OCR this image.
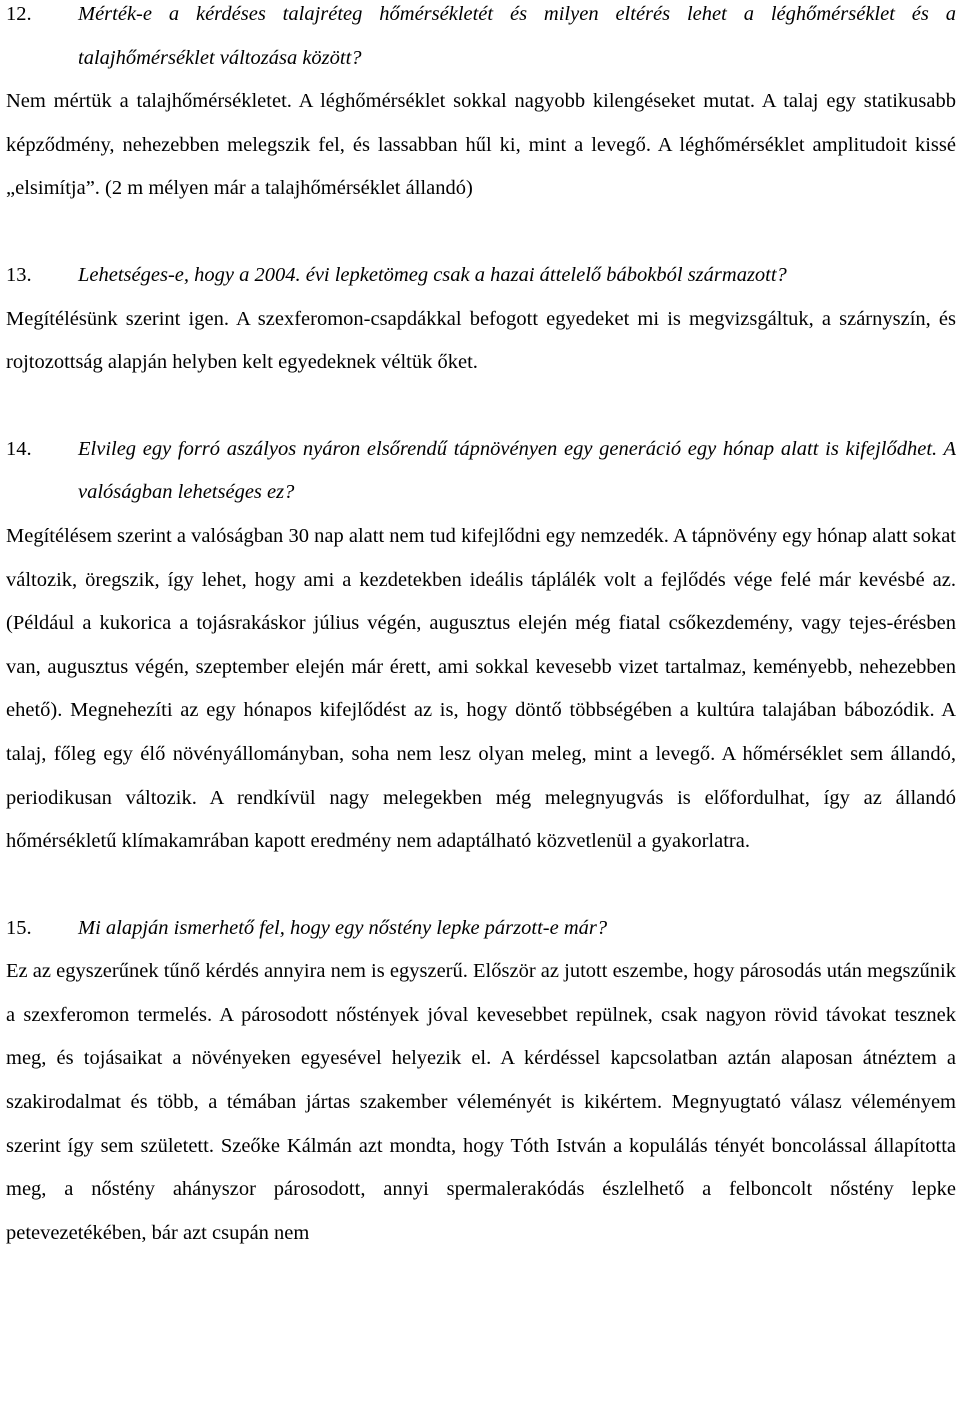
12.	Mérték-e a kérdéses talajréteg hőmérsékletét és milyen eltérés lehet a léghőmérséklet és a talajhőmérséklet változása között?
Nem mértük a talajhőmérsékletet. A léghőmérséklet sokkal nagyobb kilengéseket mutat. A talaj egy statikusabb képződmény, nehezebben melegszik fel, és lassabban hűl ki, mint a levegő. A léghőmérséklet amplitudoit kissé „elsimítja”. (2 m mélyen már a talajhőmérséklet állandó)
13.	Lehetséges-e, hogy a 2004. évi lepketömeg csak a hazai áttelelő bábokból származott?
Megítélésünk szerint igen. A szexferomon-csapdákkal befogott egyedeket mi is megvizsgáltuk, a szárnyszín, és rojtozottság alapján helyben kelt egyedeknek véltük őket.
14.	Elvileg egy forró aszályos nyáron elsőrendű tápnövényen egy generáció egy hónap alatt is kifejlődhet. A valóságban lehetséges ez?
Megítélésem szerint a valóságban 30 nap alatt nem tud kifejlődni egy nemzedék. A tápnövény egy hónap alatt sokat változik, öregszik, így lehet, hogy ami a kezdetekben ideális táplálék volt a fejlődés vége felé már kevésbé az. (Például a kukorica a tojásrakáskor július végén, augusztus elején még fiatal csőkezdemény, vagy tejes-érésben van, augusztus végén, szeptember elején már érett, ami sokkal kevesebb vizet tartalmaz, keményebb, nehezebben ehető). Megnehezíti az egy hónapos kifejlődést az is, hogy döntő többségében a kultúra talajában bábozódik. A talaj, főleg egy élő növényállományban, soha nem lesz olyan meleg, mint a levegő. A hőmérséklet sem állandó, periodikusan változik. A rendkívül nagy melegekben még melegnyugvás is előfordulhat, így az állandó hőmérsékletű klímakamrában kapott eredmény nem adaptálható közvetlenül a gyakorlatra.
15.	Mi alapján ismerhető fel, hogy egy nőstény lepke párzott-e már?
Ez az egyszerűnek tűnő kérdés annyira nem is egyszerű. Először az jutott eszembe, hogy párosodás után megszűnik a szexferomon termelés. A párosodott nőstények jóval kevesebbet repülnek, csak nagyon rövid távokat tesznek meg, és tojásaikat a növényeken egyesével helyezik el. A kérdéssel kapcsolatban aztán alaposan átnéztem a szakirodalmat és több, a témában jártas szakember véleményét is kikértem. Megnyugtató válasz véleményem szerint így sem született. Szeőke Kálmán azt mondta, hogy Tóth István a kopulálás tényét boncolással állapította meg, a nőstény ahányszor párosodott, annyi spermalerakódás észlelhető a felboncolt nőstény lepke petevezetékében, bár azt csupán nem
